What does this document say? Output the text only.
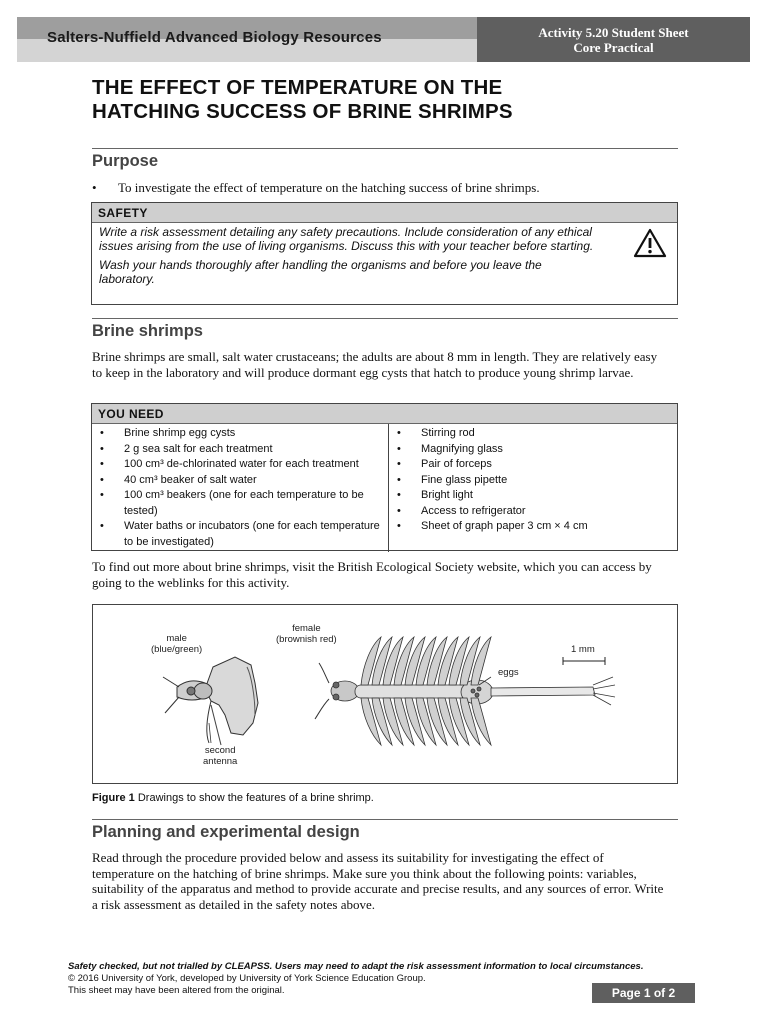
Salters-Nuffield Advanced Biology Resources	Activity 5.20 Student Sheet
Core Practical
THE EFFECT OF TEMPERATURE ON THE
HATCHING SUCCESS OF BRINE SHRIMPS
Purpose
• To investigate the effect of temperature on the hatching success of brine shrimps.
SAFETY

Write a risk assessment detailing any safety precautions. Include consideration of any ethical issues arising from the use of living organisms. Discuss this with your teacher before starting.

Wash your hands thoroughly after handling the organisms and before you leave the laboratory.

Brine shrimps
Brine shrimps are small, salt water crustaceans; the adults are about 8 mm in length. They are relatively easy to keep in the laboratory and will produce dormant egg cysts that hatch to produce young shrimp larvae.
YOU NEED
•	Brine shrimp egg cysts
•	2 g sea salt for each treatment
•	100 cm³ de-chlorinated water for each treatment
•	40 cm³ beaker of salt water
•	100 cm³ beakers (one for each temperature to be tested)
•	Water baths or incubators (one for each temperature to be investigated)
•	Stirring rod
•	Magnifying glass
•	Pair of forceps
•	Fine glass pipette
•	Bright light
•	Access to refrigerator
•	Sheet of graph paper 3 cm × 4 cm
To find out more about brine shrimps, visit the British Ecological Society website, which you can access by going to the weblinks for this activity.
male
(blue/green)
female
(brownish red)
eggs
1 mm
second
antenna
Figure 1 Drawings to show the features of a brine shrimp.
Planning and experimental design
Read through the procedure provided below and assess its suitability for investigating the effect of temperature on the hatching of brine shrimps. Make sure you think about the following points: variables, suitability of the apparatus and method to provide accurate and precise results, and any sources of error. Write a risk assessment as detailed in the safety notes above.
Safety checked, but not trialled by CLEAPSS. Users may need to adapt the risk assessment information to local circumstances.
© 2016 University of York, developed by University of York Science Education Group.
This sheet may have been altered from the original.	Page 1 of 2
